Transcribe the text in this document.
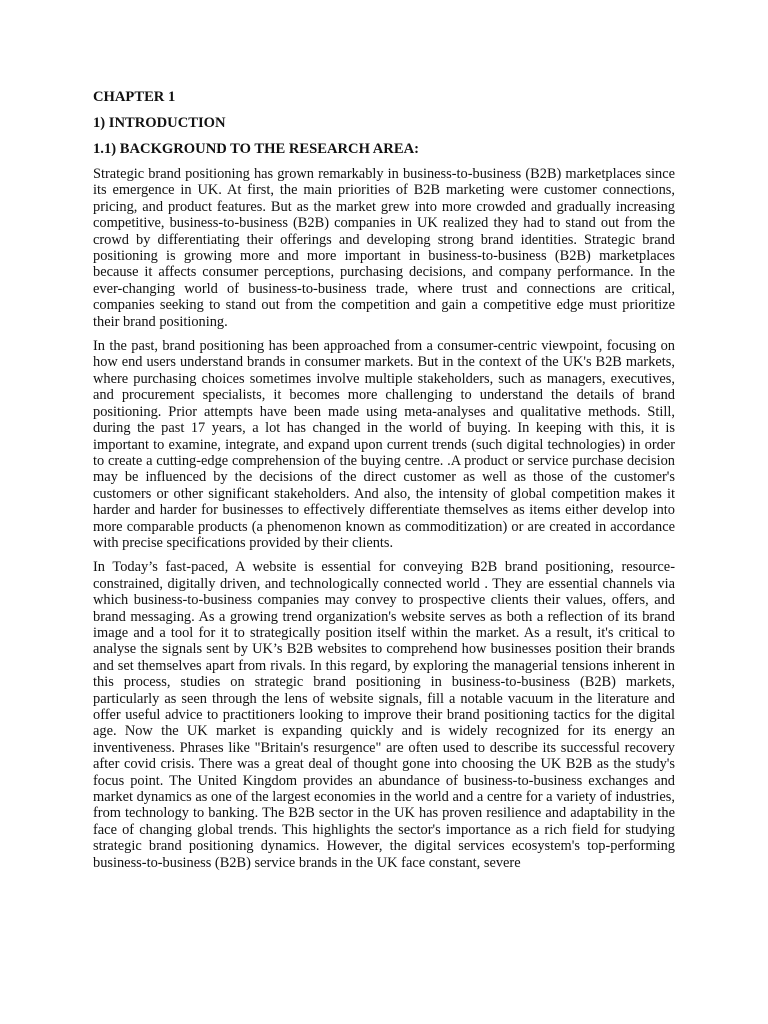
CHAPTER 1
1) INTRODUCTION
1.1) BACKGROUND TO THE RESEARCH AREA:

Strategic brand positioning has grown remarkably in business-to-business (B2B) marketplaces since its emergence in UK. At first, the main priorities of B2B marketing were customer connections, pricing, and product features. But as the market grew into more crowded and gradually increasing competitive, business-to-business (B2B) companies in UK realized they had to stand out from the crowd by differentiating their offerings and developing strong brand identities. Strategic brand positioning is growing more and more important in business-to-business (B2B) marketplaces because it affects consumer perceptions, purchasing decisions, and company performance. In the ever-changing world of business-to-business trade, where trust and connections are critical, companies seeking to stand out from the competition and gain a competitive edge must prioritize their brand positioning.

In the past, brand positioning has been approached from a consumer-centric viewpoint, focusing on how end users understand brands in consumer markets. But in the context of the UK's B2B markets, where purchasing choices sometimes involve multiple stakeholders, such as managers, executives, and procurement specialists, it becomes more challenging to understand the details of brand positioning. Prior attempts have been made using meta-analyses and qualitative methods. Still, during the past 17 years, a lot has changed in the world of buying. In keeping with this, it is important to examine, integrate, and expand upon current trends (such digital technologies) in order to create a cutting-edge comprehension of the buying centre. .A product or service purchase decision may be influenced by the decisions of the direct customer as well as those of the customer's customers or other significant stakeholders. And also, the intensity of global competition makes it harder and harder for businesses to effectively differentiate themselves as items either develop into more comparable products (a phenomenon known as commoditization) or are created in accordance with precise specifications provided by their clients.

In Today’s fast-paced, A website is essential for conveying B2B brand positioning, resource-constrained, digitally driven, and technologically connected world . They are essential channels via which business-to-business companies may convey to prospective clients their values, offers, and brand messaging. As a growing trend organization's website serves as both a reflection of its brand image and a tool for it to strategically position itself within the market. As a result, it's critical to analyse the signals sent by UK’s B2B websites to comprehend how businesses position their brands and set themselves apart from rivals. In this regard, by exploring the managerial tensions inherent in this process, studies on strategic brand positioning in business-to-business (B2B) markets, particularly as seen through the lens of website signals, fill a notable vacuum in the literature and offer useful advice to practitioners looking to improve their brand positioning tactics for the digital age. Now the UK market is expanding quickly and is widely recognized for its energy an inventiveness. Phrases like "Britain's resurgence" are often used to describe its successful recovery after covid crisis. There was a great deal of thought gone into choosing the UK B2B as the study's focus point. The United Kingdom provides an abundance of business-to-business exchanges and market dynamics as one of the largest economies in the world and a centre for a variety of industries, from technology to banking. The B2B sector in the UK has proven resilience and adaptability in the face of changing global trends. This highlights the sector's importance as a rich field for studying strategic brand positioning dynamics. However, the digital services ecosystem's top-performing business-to-business (B2B) service brands in the UK face constant, severe
